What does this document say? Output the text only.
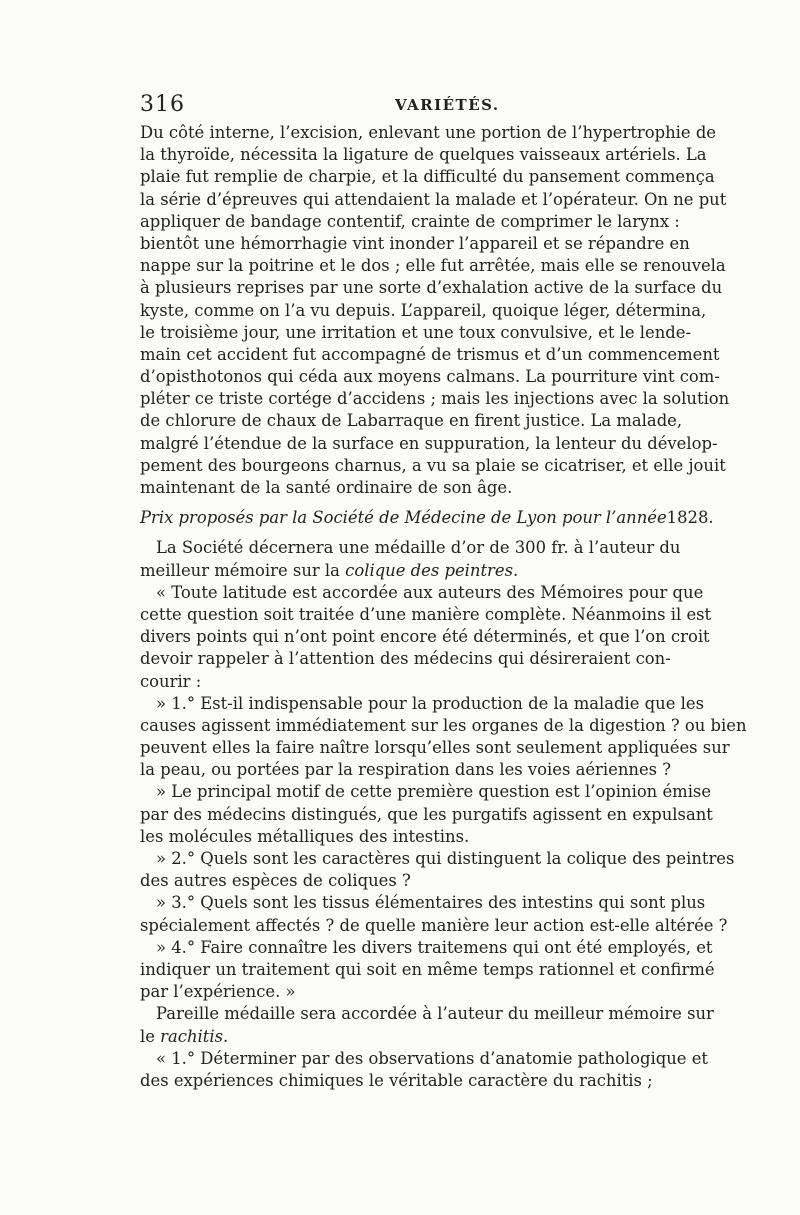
316	VARIÉTÉS.
Du côté interne, l’excision, enlevant une portion de l’hypertrophie de
la thyroïde, nécessita la ligature de quelques vaisseaux artériels. La
plaie fut remplie de charpie, et la difficulté du pansement commença
la série d’épreuves qui attendaient la malade et l’opérateur. On ne put
appliquer de bandage contentif, crainte de comprimer le larynx :
bientôt une hémorrhagie vint inonder l’appareil et se répandre en
nappe sur la poitrine et le dos ; elle fut arrêtée, mais elle se renouvela
à plusieurs reprises par une sorte d’exhalation active de la surface du
kyste, comme on l’a vu depuis. L’appareil, quoique léger, détermina,
le troisième jour, une irritation et une toux convulsive, et le lende-
main cet accident fut accompagné de trismus et d’un commencement
d’opisthotonos qui céda aux moyens calmans. La pourriture vint com-
pléter ce triste cortége d’accidens ; mais les injections avec la solution
de chlorure de chaux de Labarraque en firent justice. La malade,
malgré l’étendue de la surface en suppuration, la lenteur du dévelop-
pement des bourgeons charnus, a vu sa plaie se cicatriser, et elle jouit
maintenant de la santé ordinaire de son âge.
Prix proposés par la Société de Médecine de Lyon pour l’année1828.
La Société décernera une médaille d’or de 300 fr. à l’auteur du
meilleur mémoire sur la colique des peintres.
« Toute latitude est accordée aux auteurs des Mémoires pour que
cette question soit traitée d’une manière complète. Néanmoins il est
divers points qui n’ont point encore été déterminés, et que l’on croit
devoir rappeler à l’attention des médecins qui désireraient con-
courir :
» 1.° Est-il indispensable pour la production de la maladie que les
causes agissent immédiatement sur les organes de la digestion ? ou bien
peuvent elles la faire naître lorsqu’elles sont seulement appliquées sur
la peau, ou portées par la respiration dans les voies aériennes ?
» Le principal motif de cette première question est l’opinion émise
par des médecins distingués, que les purgatifs agissent en expulsant
les molécules métalliques des intestins.
» 2.° Quels sont les caractères qui distinguent la colique des peintres
des autres espèces de coliques ?
» 3.° Quels sont les tissus élémentaires des intestins qui sont plus
spécialement affectés ? de quelle manière leur action est-elle altérée ?
» 4.° Faire connaître les divers traitemens qui ont été employés, et
indiquer un traitement qui soit en même temps rationnel et confirmé
par l’expérience. »
Pareille médaille sera accordée à l’auteur du meilleur mémoire sur
le rachitis.
« 1.° Déterminer par des observations d’anatomie pathologique et
des expériences chimiques le véritable caractère du rachitis ;
